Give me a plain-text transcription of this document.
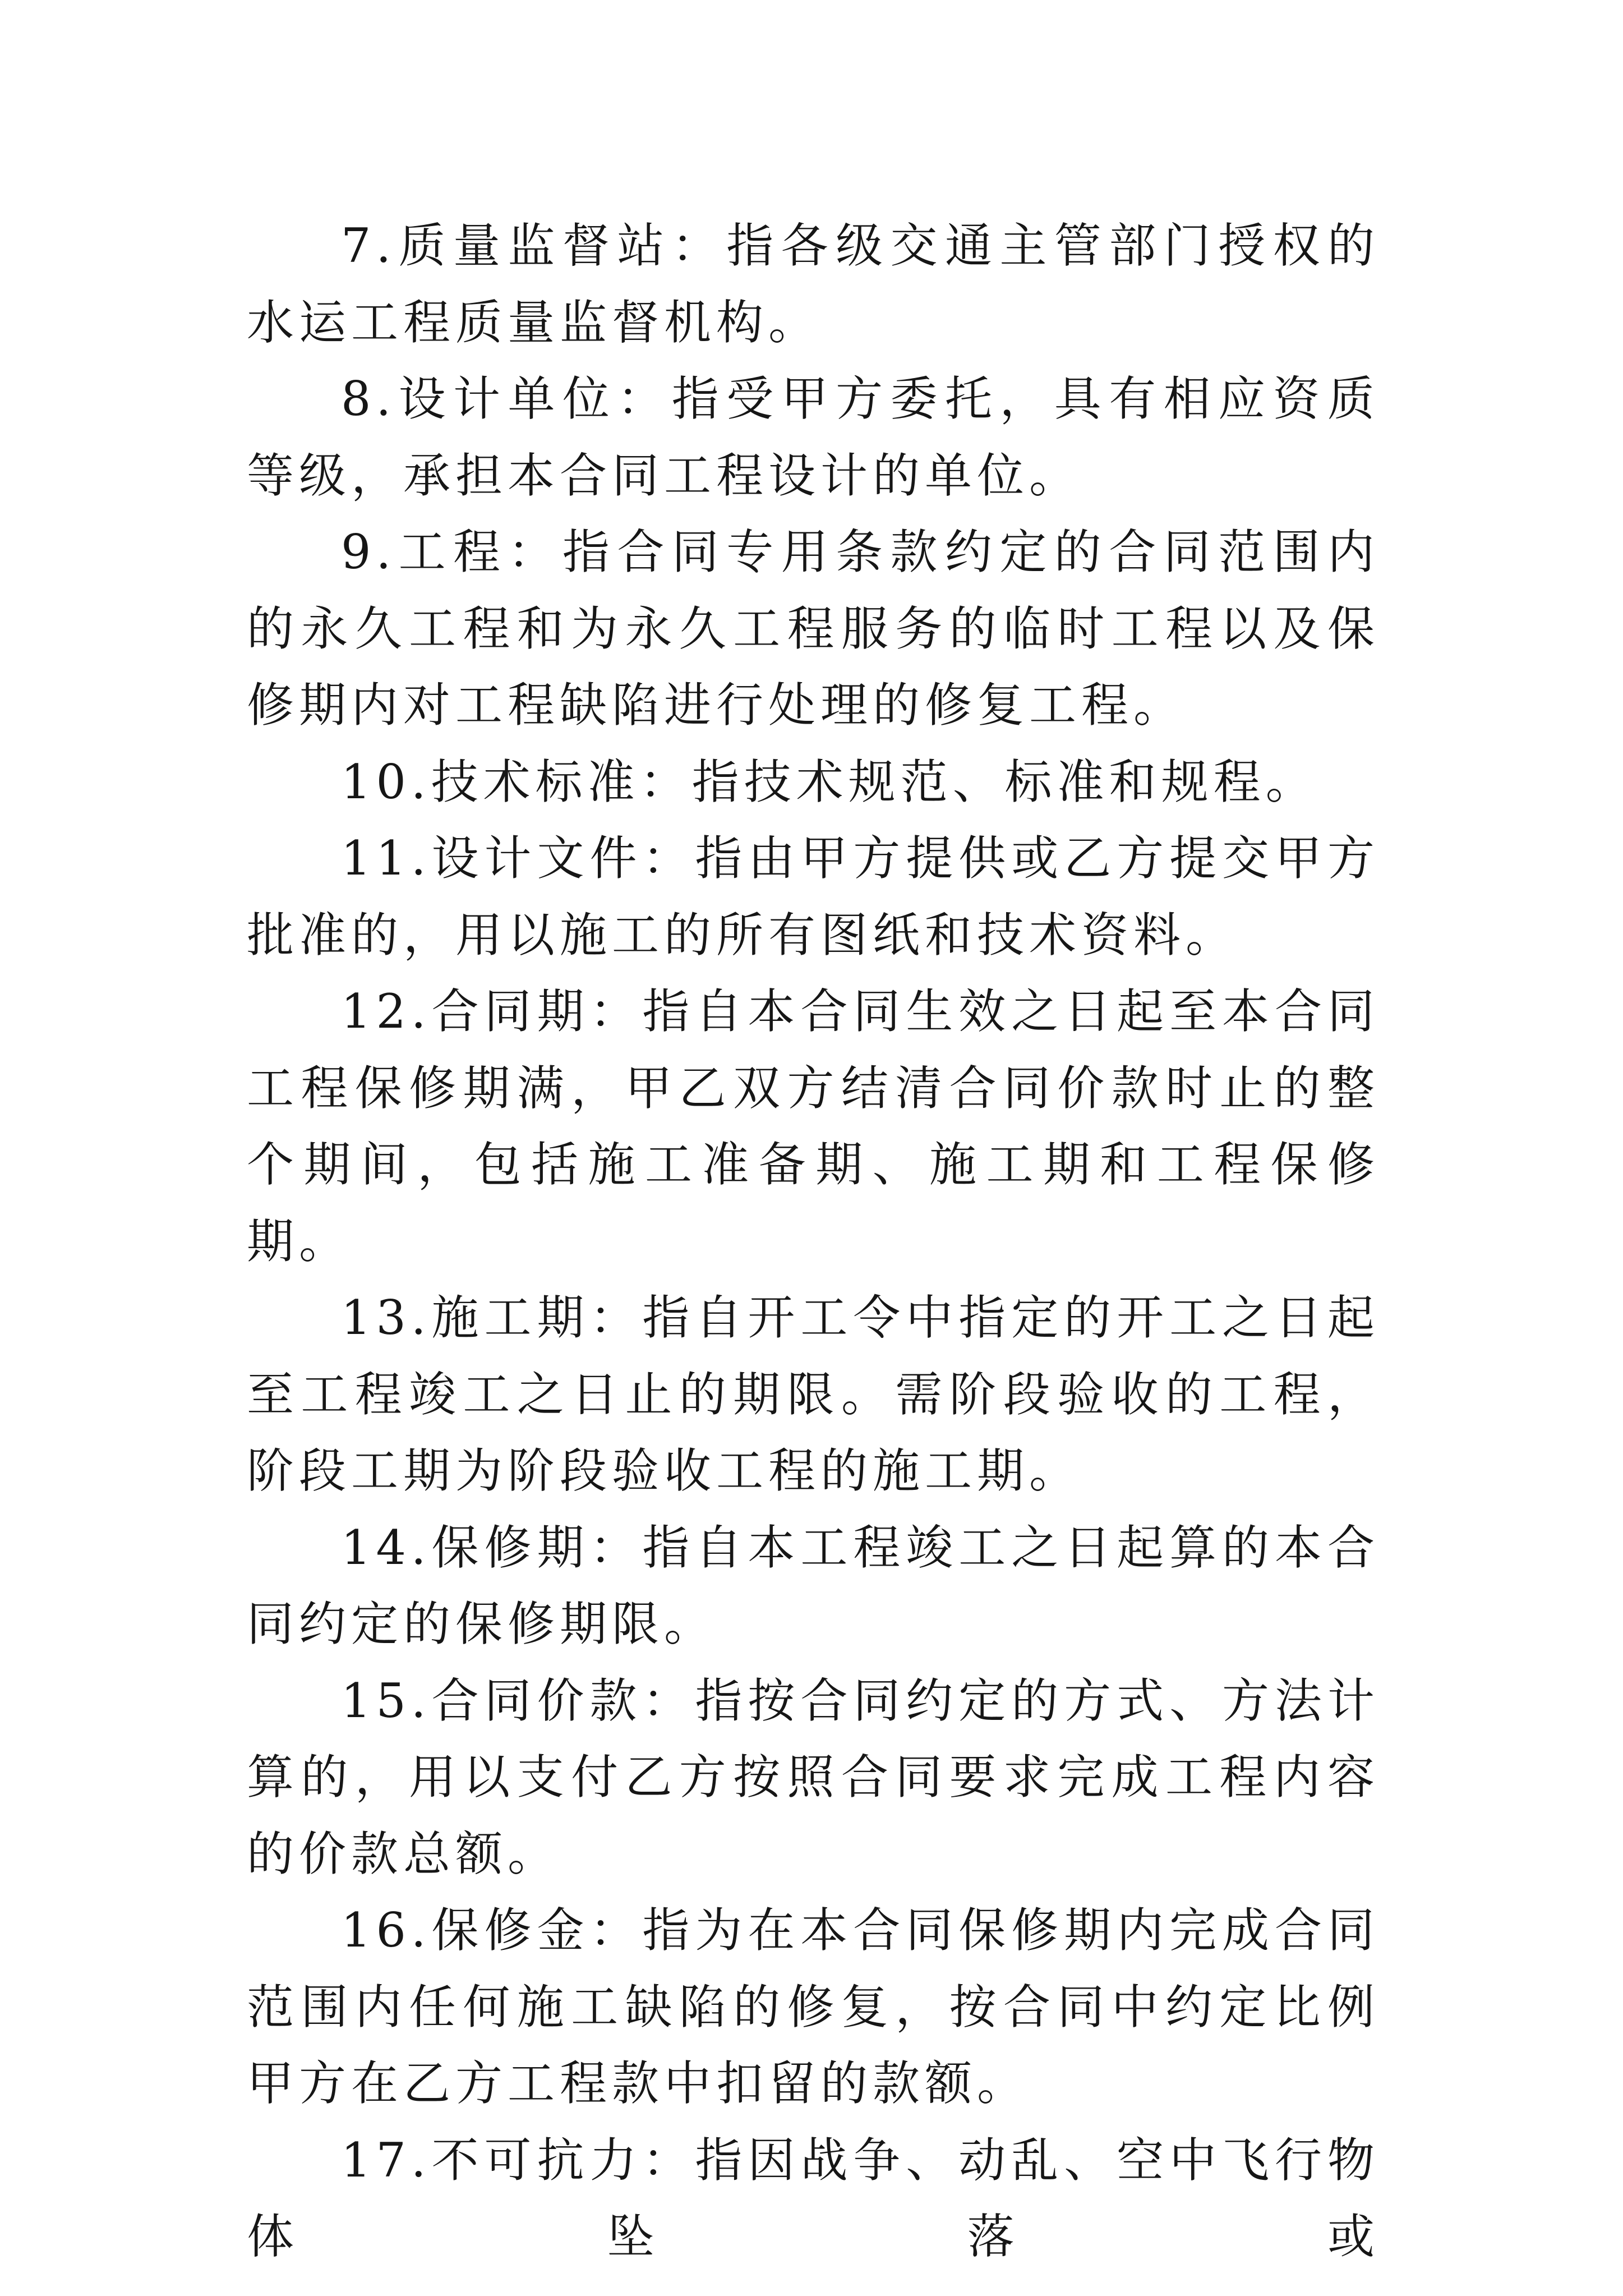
7.质量监督站：指各级交通主管部门授权的水运工程质量监督机构。

8.设计单位：指受甲方委托，具有相应资质等级，承担本合同工程设计的单位。

9.工程：指合同专用条款约定的合同范围内的永久工程和为永久工程服务的临时工程以及保修期内对工程缺陷进行处理的修复工程。

10.技术标准：指技术规范、标准和规程。

11.设计文件：指由甲方提供或乙方提交甲方批准的，用以施工的所有图纸和技术资料。

12.合同期：指自本合同生效之日起至本合同工程保修期满，甲乙双方结清合同价款时止的整个期间，包括施工准备期、施工期和工程保修期。

13.施工期：指自开工令中指定的开工之日起至工程竣工之日止的期限。需阶段验收的工程，阶段工期为阶段验收工程的施工期。

14.保修期：指自本工程竣工之日起算的本合同约定的保修期限。

15.合同价款：指按合同约定的方式、方法计算的，用以支付乙方按照合同要求完成工程内容的价款总额。

16.保修金：指为在本合同保修期内完成合同范围内任何施工缺陷的修复，按合同中约定比例甲方在乙方工程款中扣留的款额。

17.不可抗力：指因战争、动乱、空中飞行物体坠落或
